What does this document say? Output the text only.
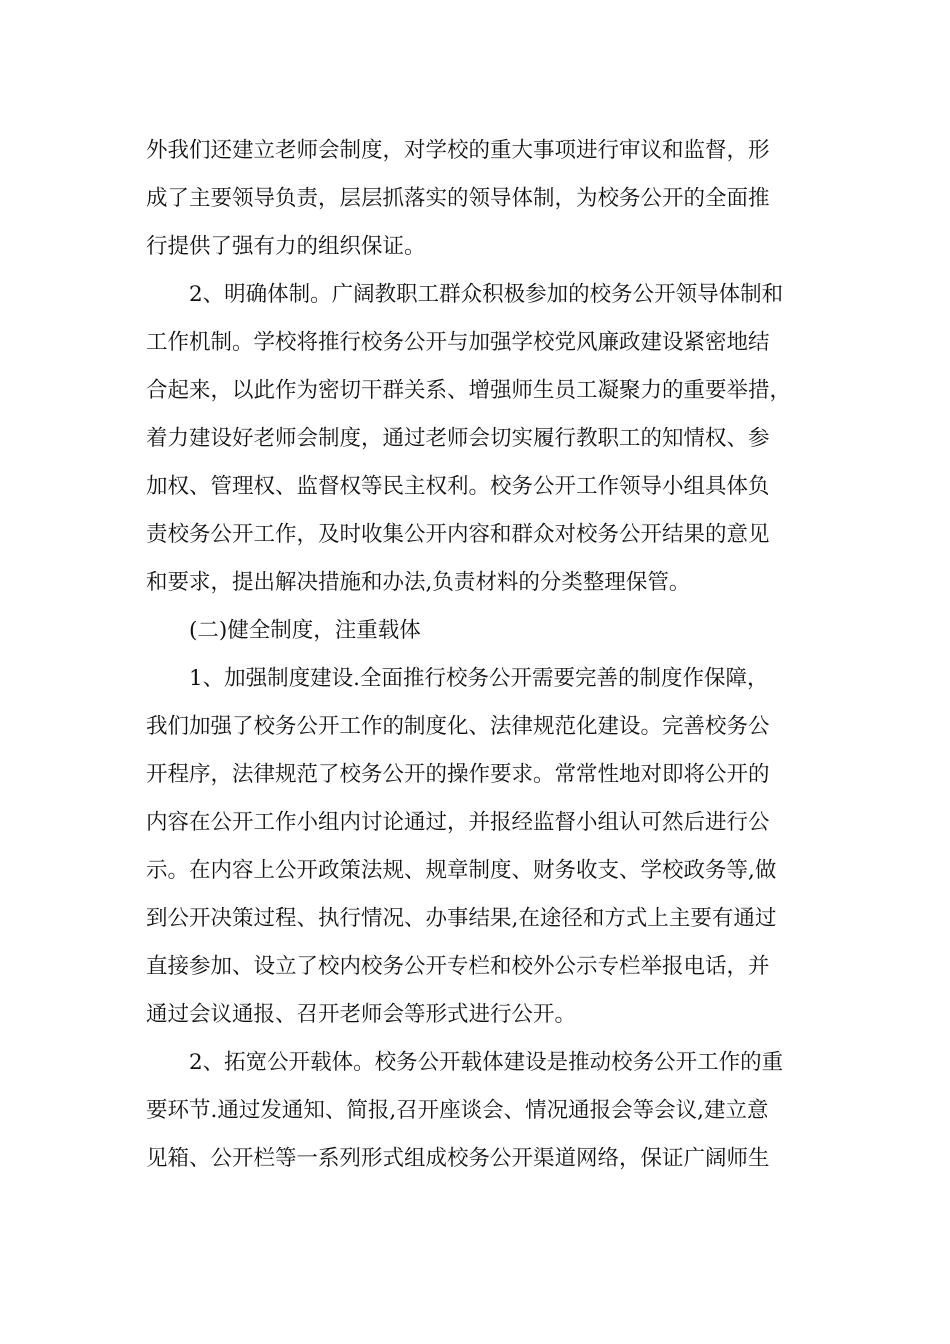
外我们还建立老师会制度，对学校的重大事项进行审议和监督，形
成了主要领导负责，层层抓落实的领导体制，为校务公开的全面推
行提供了强有力的组织保证。
2、明确体制。广阔教职工群众积极参加的校务公开领导体制和
工作机制。学校将推行校务公开与加强学校党风廉政建设紧密地结
合起来，以此作为密切干群关系、增强师生员工凝聚力的重要举措，
着力建设好老师会制度，通过老师会切实履行教职工的知情权、参
加权、管理权、监督权等民主权利。校务公开工作领导小组具体负
责校务公开工作，及时收集公开内容和群众对校务公开结果的意见
和要求，提出解决措施和办法,负责材料的分类整理保管。
(二)健全制度，注重载体
1、加强制度建设.全面推行校务公开需要完善的制度作保障，
我们加强了校务公开工作的制度化、法律规范化建设。完善校务公
开程序，法律规范了校务公开的操作要求。常常性地对即将公开的
内容在公开工作小组内讨论通过，并报经监督小组认可然后进行公
示。在内容上公开政策法规、规章制度、财务收支、学校政务等,做
到公开决策过程、执行情况、办事结果,在途径和方式上主要有通过
直接参加、设立了校内校务公开专栏和校外公示专栏举报电话，并
通过会议通报、召开老师会等形式进行公开。
2、拓宽公开载体。校务公开载体建设是推动校务公开工作的重
要环节.通过发通知、简报,召开座谈会、情况通报会等会议,建立意
见箱、公开栏等一系列形式组成校务公开渠道网络，保证广阔师生
